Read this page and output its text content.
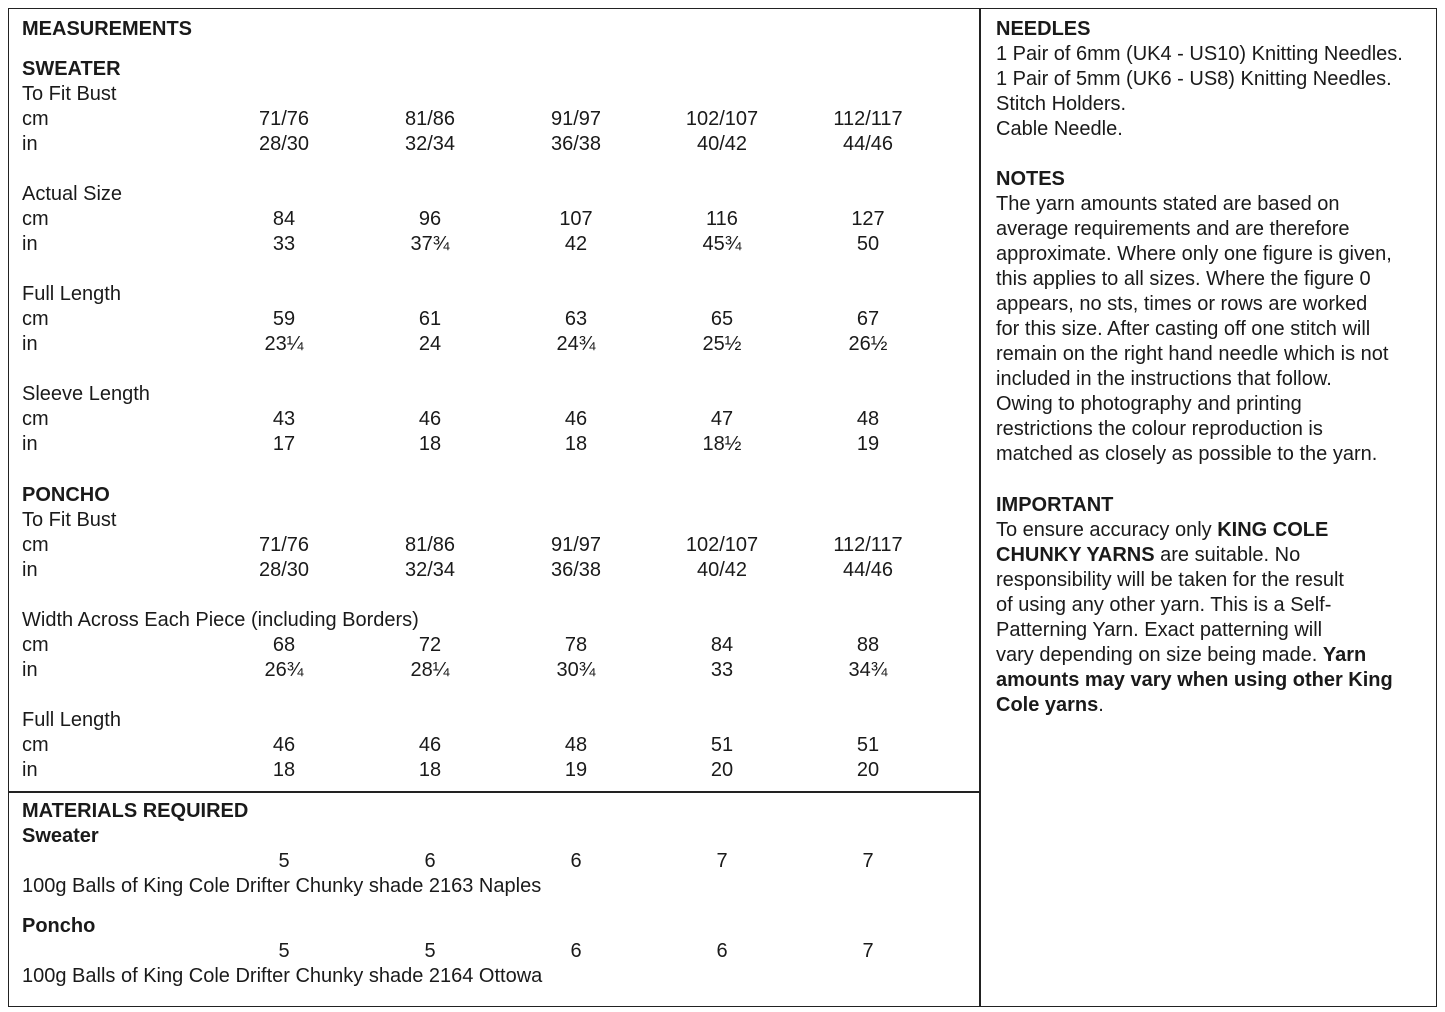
NEEDLES
1 Pair of 6mm (UK4 - US10) Knitting Needles.
1 Pair of 5mm (UK6 - US8) Knitting Needles.
Stitch Holders.
Cable Needle.
NOTES
The yarn amounts stated are based on
average requirements and are therefore
approximate. Where only one figure is given,
this applies to all sizes. Where the figure 0
appears, no sts, times or rows are worked
for this size. After casting off one stitch will
remain on the right hand needle which is not
included in the instructions that follow.
Owing to photography and printing
restrictions the colour reproduction is
matched as closely as possible to the yarn.
IMPORTANT
To ensure accuracy only KING COLE
CHUNKY YARNS are suitable. No
responsibility will be taken for the result
of using any other yarn. This is a Self-
Patterning Yarn. Exact patterning will
vary depending on size being made. Yarn
amounts may vary when using other King
Cole yarns.
MEASUREMENTS
SWEATER
To Fit Bust
cm	71/76	81/86	91/97	102/107	112/117
in	28/30	32/34	36/38	40/42	44/46
Actual Size
cm	84	96	107	116	127
in	33	37¾	42	45¾	50
Full Length
cm	59	61	63	65	67
in	23¼	24	24¾	25½	26½
Sleeve Length
cm	43	46	46	47	48
in	17	18	18	18½	19
PONCHO
To Fit Bust
cm	71/76	81/86	91/97	102/107	112/117
in	28/30	32/34	36/38	40/42	44/46
Width Across Each Piece (including Borders)
cm	68	72	78	84	88
in	26¾	28¼	30¾	33	34¾
Full Length
cm	46	46	48	51	51
in	18	18	19	20	20
MATERIALS REQUIRED
Sweater
5	6	6	7	7
100g Balls of King Cole Drifter Chunky shade 2163 Naples
Poncho
5	5	6	6	7
100g Balls of King Cole Drifter Chunky shade 2164 Ottowa
